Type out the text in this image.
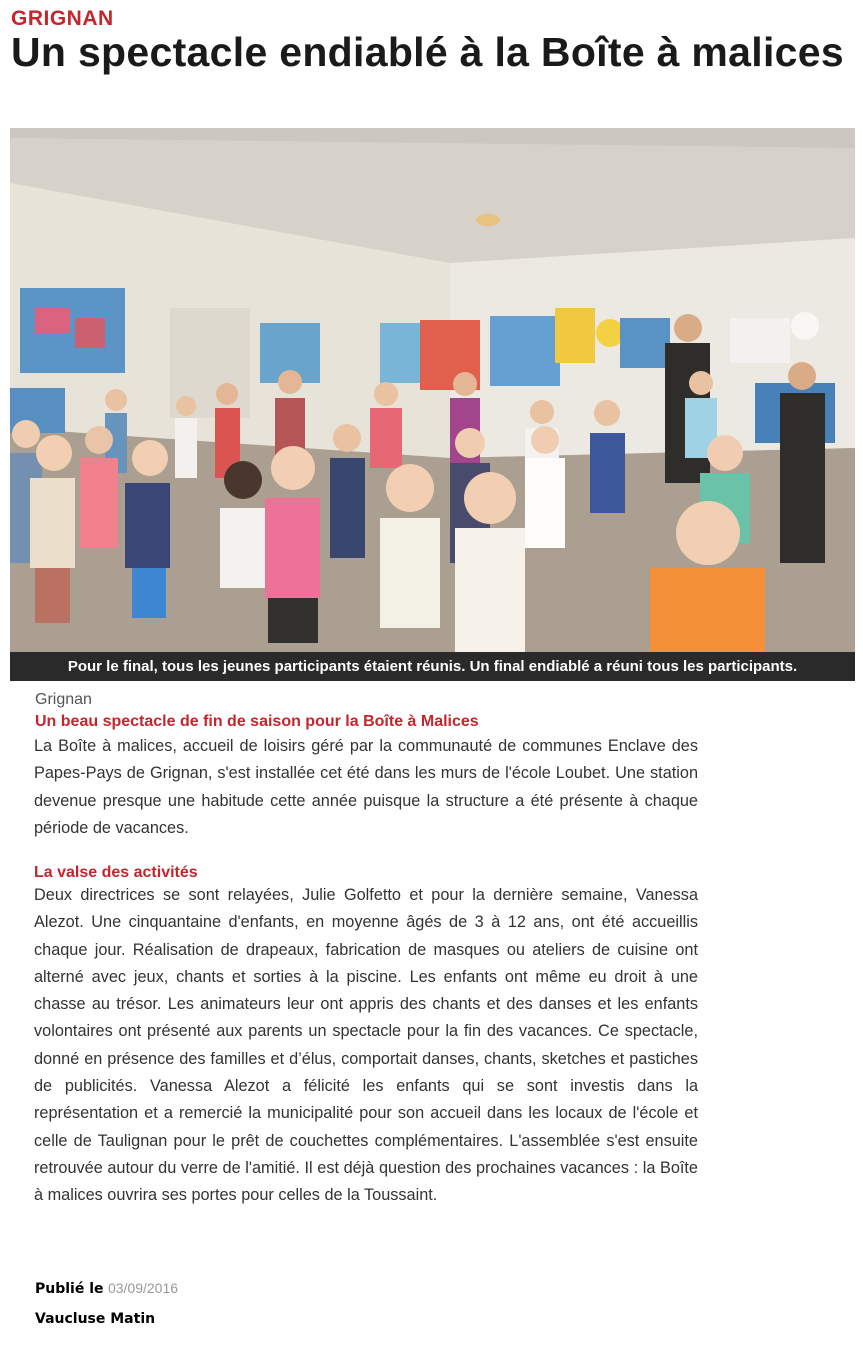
GRIGNAN
Un spectacle endiablé à la Boîte à malices
Pour le final, tous les jeunes participants étaient réunis. Un final endiablé a réuni tous les participants.
Grignan
Un beau spectacle de fin de saison pour la Boîte à Malices

La Boîte à malices, accueil de loisirs géré par la communauté de communes Enclave des Papes-Pays de Grignan, s'est installée cet été dans les murs de l'école Loubet. Une station devenue presque une habitude cette année puisque la structure a été présente à chaque période de vacances.

La valse des activités

Deux directrices se sont relayées, Julie Golfetto et pour la dernière semaine, Vanessa Alezot. Une cinquantaine d'enfants, en moyenne âgés de 3 à 12 ans, ont été accueillis chaque jour. Réalisation de drapeaux, fabrication de masques ou ateliers de cuisine ont alterné avec jeux, chants et sorties à la piscine. Les enfants ont même eu droit à une chasse au trésor. Les animateurs leur ont appris des chants et des danses et les enfants volontaires ont présenté aux parents un spectacle pour la fin des vacances. Ce spectacle, donné en présence des familles et d’élus, comportait danses, chants, sketches et pastiches de publicités. Vanessa Alezot a félicité les enfants qui se sont investis dans la représentation et a remercié la municipalité pour son accueil dans les locaux de l'école et celle de Taulignan pour le prêt de couchettes complémentaires. L'assemblée s'est ensuite retrouvée autour du verre de l'amitié. Il est déjà question des prochaines vacances : la Boîte à malices ouvrira ses portes pour celles de la Toussaint.

Publié le 03/09/2016
Vaucluse Matin
